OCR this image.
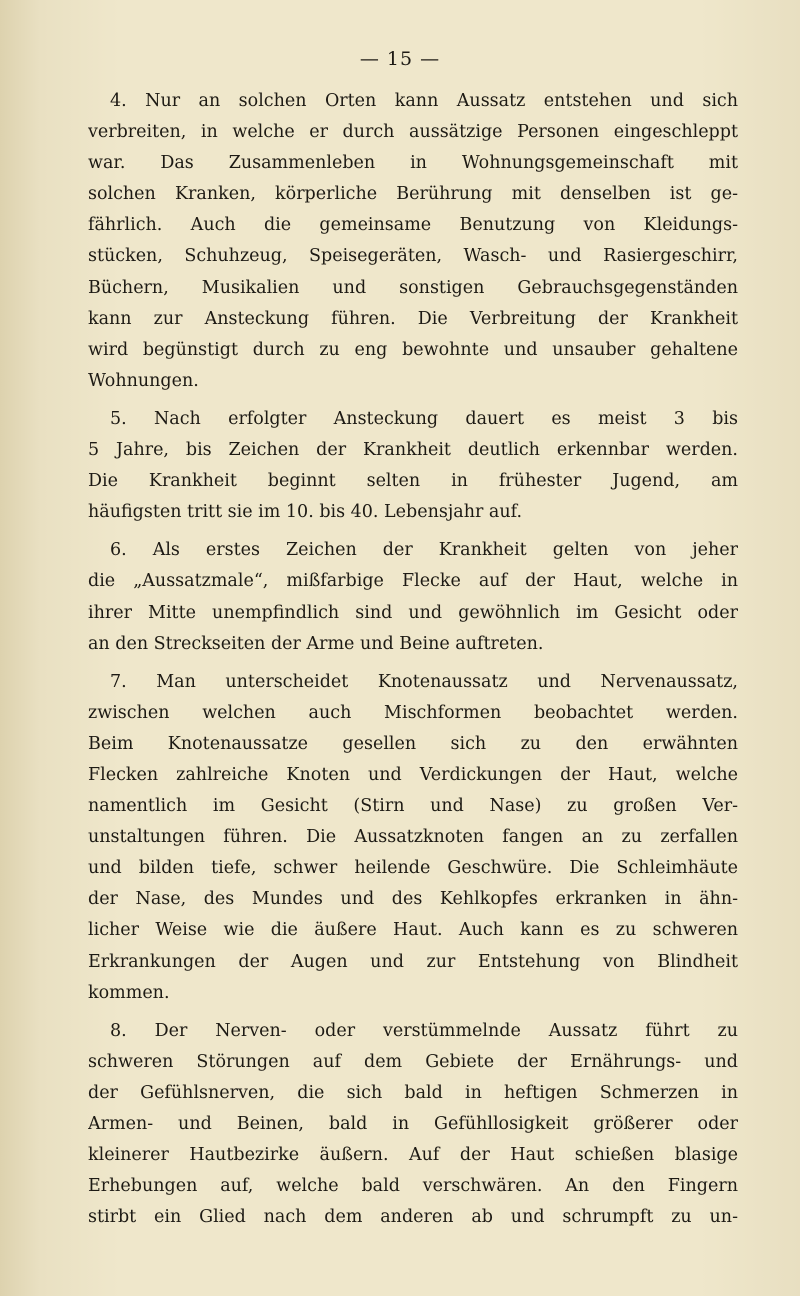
— 15 —
4. Nur an solchen Orten kann Aussatz entstehen und sich
verbreiten, in welche er durch aussätzige Personen eingeschleppt
war. Das Zusammenleben in Wohnungsgemeinschaft mit
solchen Kranken, körperliche Berührung mit denselben ist ge-
fährlich. Auch die gemeinsame Benutzung von Kleidungs-
stücken, Schuhzeug, Speisegeräten, Wasch- und Rasiergeschirr,
Büchern, Musikalien und sonstigen Gebrauchsgegenständen
kann zur Ansteckung führen. Die Verbreitung der Krankheit
wird begünstigt durch zu eng bewohnte und unsauber gehaltene
Wohnungen.
5. Nach erfolgter Ansteckung dauert es meist 3 bis
5 Jahre, bis Zeichen der Krankheit deutlich erkennbar werden.
Die Krankheit beginnt selten in frühester Jugend, am
häufigsten tritt sie im 10. bis 40. Lebensjahr auf.
6. Als erstes Zeichen der Krankheit gelten von jeher
die „Aussatzmale“, mißfarbige Flecke auf der Haut, welche in
ihrer Mitte unempfindlich sind und gewöhnlich im Gesicht oder
an den Streckseiten der Arme und Beine auftreten.
7. Man unterscheidet Knotenaussatz und Nervenaussatz,
zwischen welchen auch Mischformen beobachtet werden.
Beim Knotenaussatze gesellen sich zu den erwähnten
Flecken zahlreiche Knoten und Verdickungen der Haut, welche
namentlich im Gesicht (Stirn und Nase) zu großen Ver-
unstaltungen führen. Die Aussatzknoten fangen an zu zerfallen
und bilden tiefe, schwer heilende Geschwüre. Die Schleimhäute
der Nase, des Mundes und des Kehlkopfes erkranken in ähn-
licher Weise wie die äußere Haut. Auch kann es zu schweren
Erkrankungen der Augen und zur Entstehung von Blindheit
kommen.
8. Der Nerven- oder verstümmelnde Aussatz führt zu
schweren Störungen auf dem Gebiete der Ernährungs- und
der Gefühlsnerven, die sich bald in heftigen Schmerzen in
Armen- und Beinen, bald in Gefühllosigkeit größerer oder
kleinerer Hautbezirke äußern. Auf der Haut schießen blasige
Erhebungen auf, welche bald verschwären. An den Fingern
stirbt ein Glied nach dem anderen ab und schrumpft zu un-
